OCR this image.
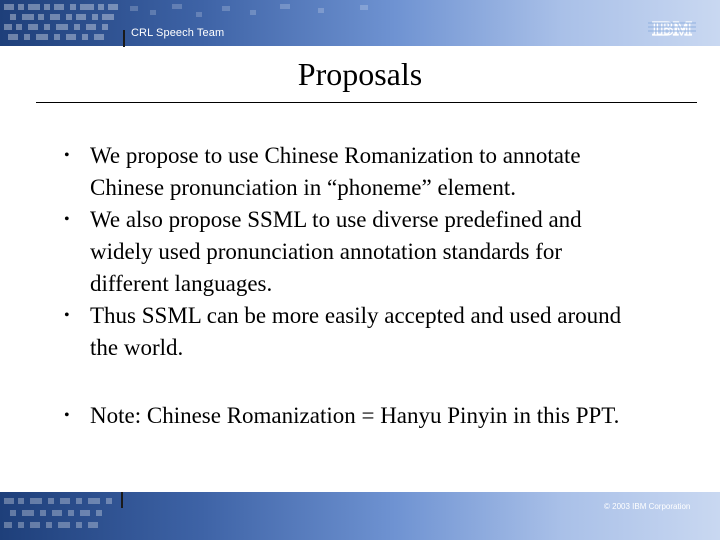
CRL Speech Team	IBM
Proposals
• We propose to use Chinese Romanization to annotate
Chinese pronunciation in “phoneme” element.
• We also propose SSML to use diverse predefined and
widely used pronunciation annotation standards for
different languages.
• Thus SSML can be more easily accepted and used around
the world.
• Note: Chinese Romanization = Hanyu Pinyin in this PPT.
© 2003 IBM Corporation
